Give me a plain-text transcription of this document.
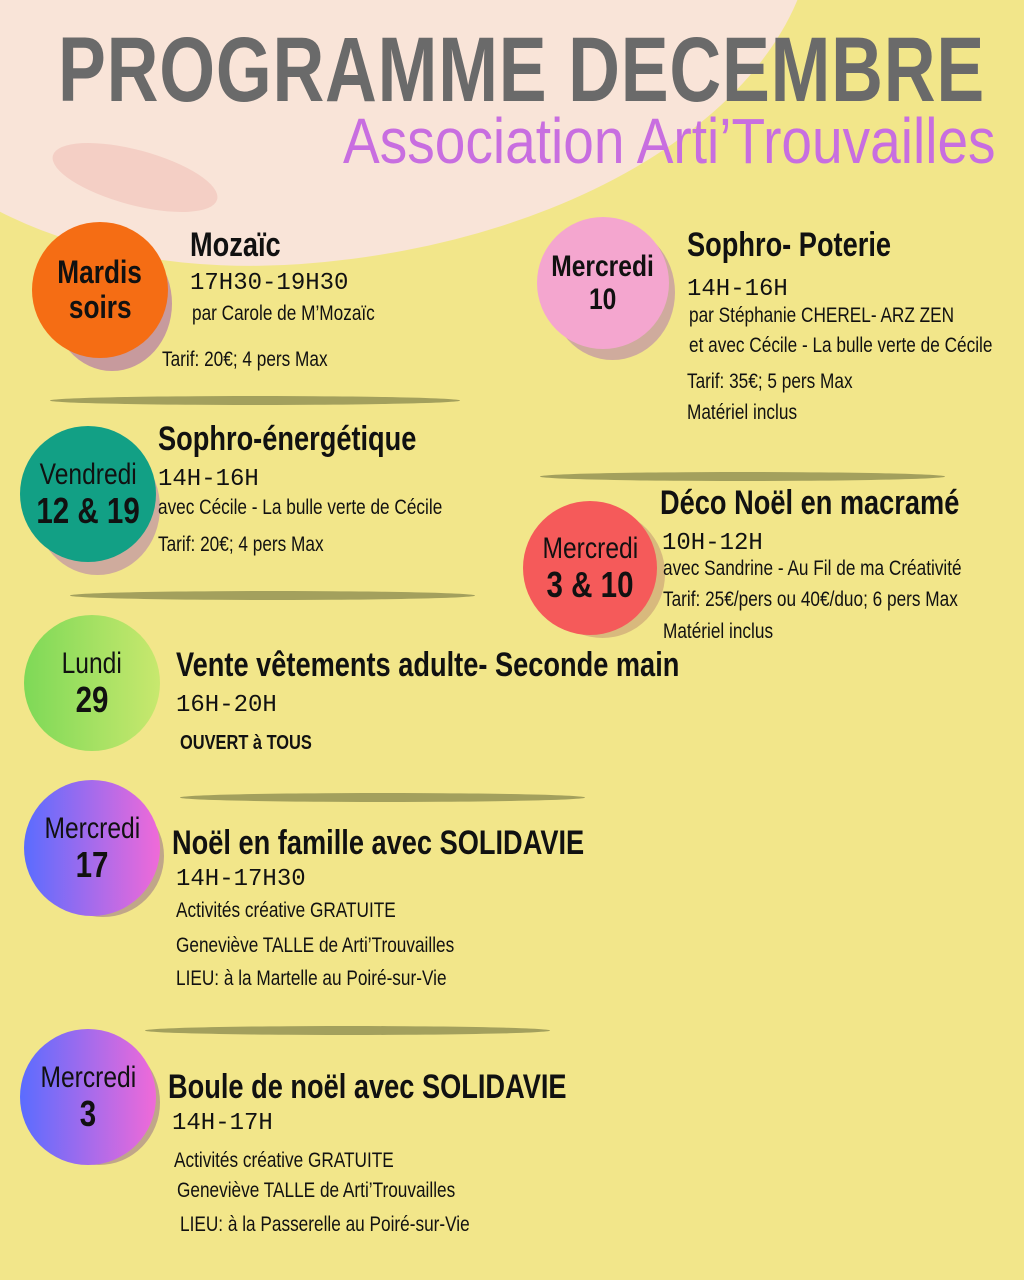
PROGRAMME DECEMBRE
Association Arti’Trouvailles
Mardis
soirs
Mozaïc
17H30-19H30
par Carole de M’Mozaïc
Tarif: 20€; 4 pers Max
Mercredi
10
Sophro- Poterie
14H-16H
par Stéphanie CHEREL- ARZ ZEN
et avec Cécile - La bulle verte de Cécile
Tarif: 35€; 5 pers Max
Matériel inclus
Vendredi
12 & 19
Sophro-énergétique
14H-16H
avec Cécile - La bulle verte de Cécile
Tarif: 20€; 4 pers Max	Mercredi
3 & 10
Déco Noël en macramé
10H-12H
avec Sandrine - Au Fil de ma Créativité
Tarif: 25€/pers ou 40€/duo; 6 pers Max
Matériel inclus
Lundi
29
Vente vêtements adulte- Seconde main
16H-20H
OUVERT à TOUS
Mercredi
17
Noël en famille avec SOLIDAVIE
14H-17H30
Activités créative GRATUITE
Geneviève TALLE de Arti’Trouvailles
LIEU: à la Martelle au Poiré-sur-Vie
Mercredi
3
Boule de noël avec SOLIDAVIE
14H-17H
Activités créative GRATUITE
Geneviève TALLE de Arti’Trouvailles
LIEU: à la Passerelle au Poiré-sur-Vie
